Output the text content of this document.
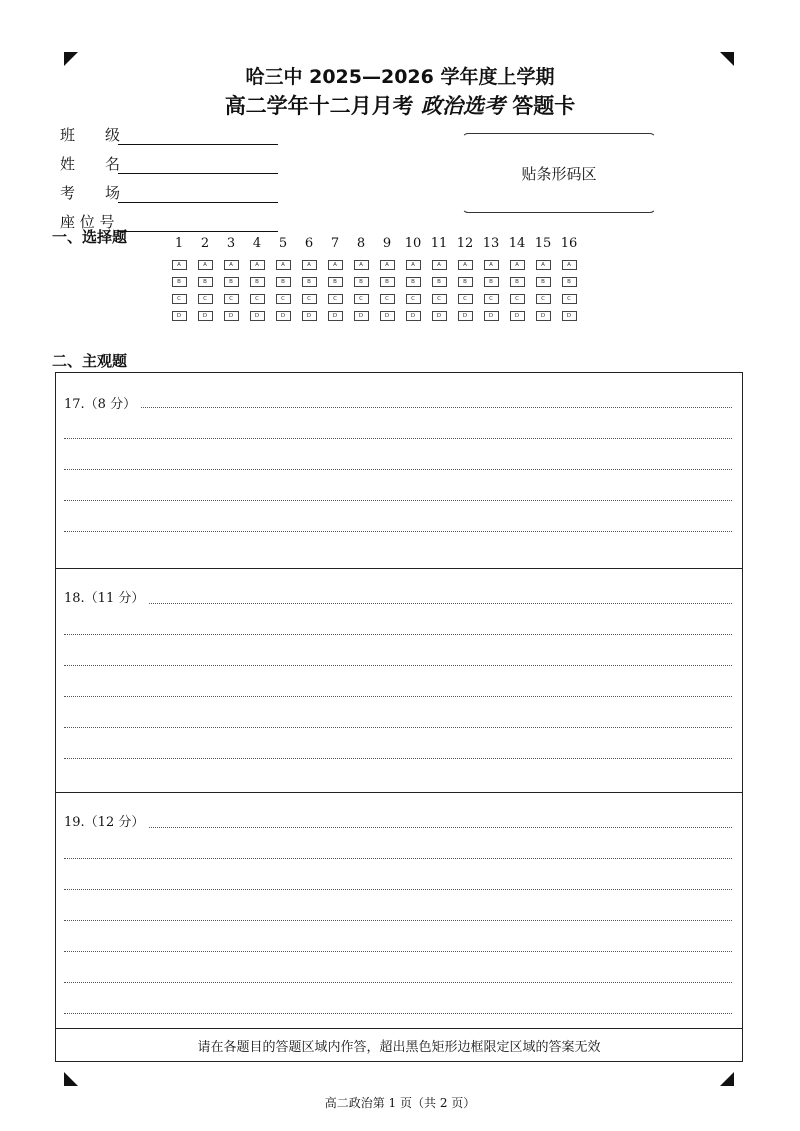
哈三中 2025—2026 学年度上学期
高二学年十二月月考 政治选考 答题卡
班　　级
姓　　名
考　　场
座 位 号
贴条形码区
一、选择题	1
A
B
C
D
2
A
B
C
D
3
A
B
C
D
4
A
B
C
D
5
A
B
C
D
6
A
B
C
D
7
A
B
C
D
8
A
B
C
D
9
A
B
C
D
10
A
B
C
D
11
A
B
C
D
12
A
B
C
D
13
A
B
C
D
14
A
B
C
D
15
A
B
C
D
16
A
B
C
D
二、主观题
17.（8 分）
18.（11 分）
19.（12 分）
请在各题目的答题区域内作答，超出黑色矩形边框限定区域的答案无效
高二政治第 1 页（共 2 页）
